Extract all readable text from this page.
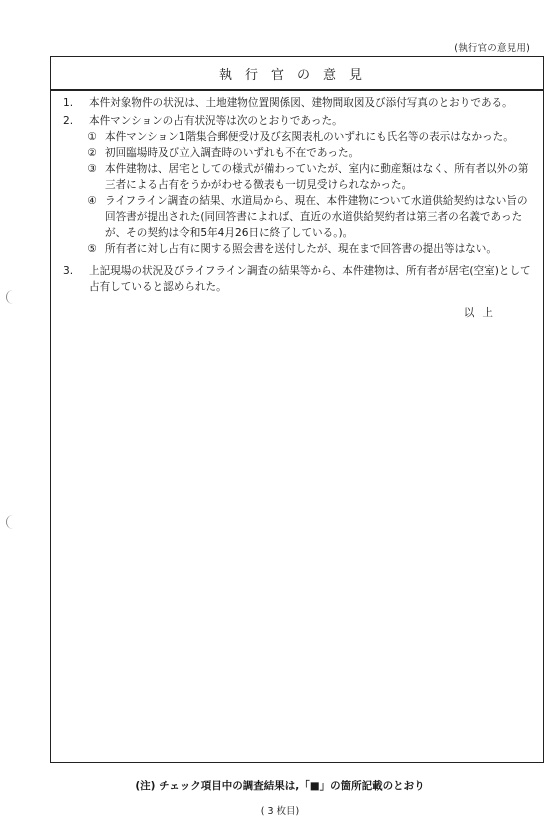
(執行官の意見用)
執行官の意見
1.	本件対象物件の状況は、土地建物位置関係図、建物間取図及び添付写真のとおりである。
2.	本件マンションの占有状況等は次のとおりであった。
① 本件マンション1階集合郵便受け及び玄関表札のいずれにも氏名等の表示はなかった。
② 初回臨場時及び立入調査時のいずれも不在であった。
③ 本件建物は、居宅としての様式が備わっていたが、室内に動産類はなく、所有者以外の第三者による占有をうかがわせる徴表も一切見受けられなかった。
④ ライフライン調査の結果、水道局から、現在、本件建物について水道供給契約はない旨の回答書が提出された(同回答書によれば、直近の水道供給契約者は第三者の名義であったが、その契約は令和5年4月26日に終了している。)。
⑤ 所有者に対し占有に関する照会書を送付したが、現在まで回答書の提出等はない。
3.	上記現場の状況及びライフライン調査の結果等から、本件建物は、所有者が居宅(空室)として占有していると認められた。
以上
(注) チェック項目中の調査結果は,「■」の箇所記載のとおり
( 3 枚目)
